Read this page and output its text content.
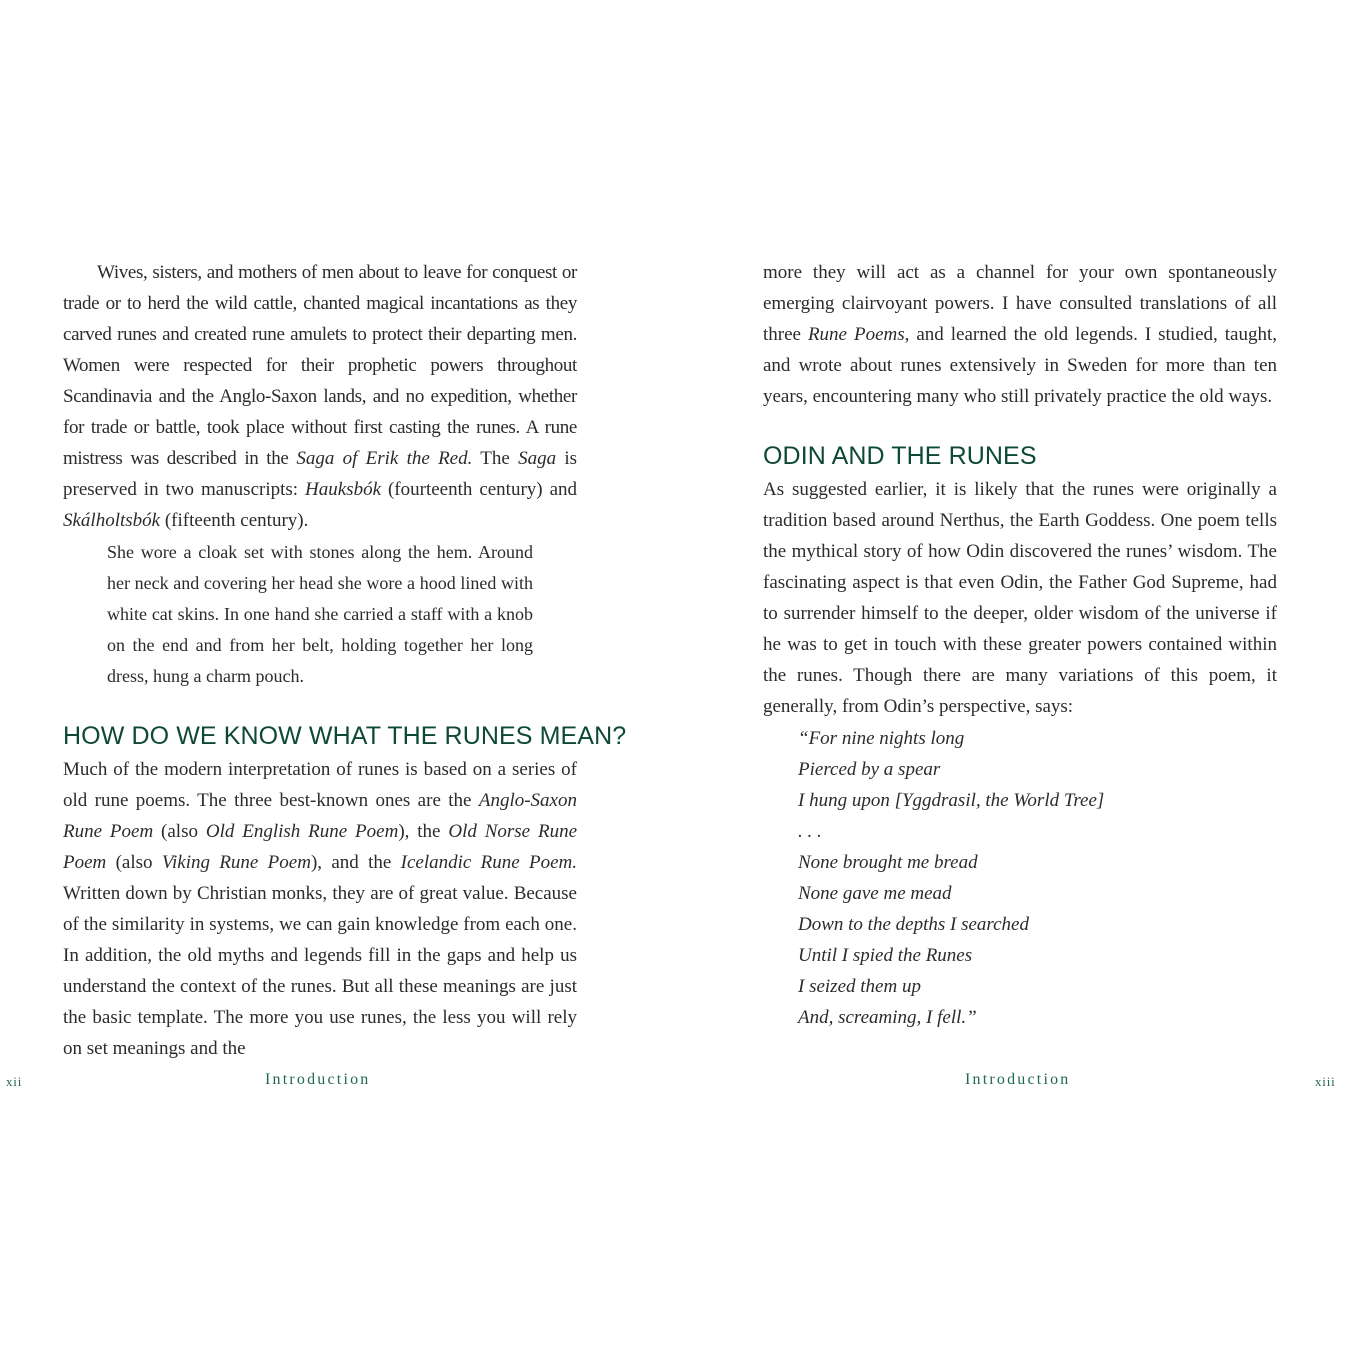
Wives, sisters, and mothers of men about to leave for conquest or trade or to herd the wild cattle, chanted magical incantations as they carved runes and created rune amulets to protect their departing men. Women were respected for their prophetic powers throughout Scandinavia and the Anglo-Saxon lands, and no expedition, whether for trade or battle, took place without first casting the runes. A rune mistress was described in the Saga of Erik the Red. The Saga is preserved in two manuscripts: Hauksbók (fourteenth century) and Skálholtsbók (fifteenth century).

She wore a cloak set with stones along the hem. Around her neck and covering her head she wore a hood lined with white cat skins. In one hand she carried a staff with a knob on the end and from her belt, holding together her long dress, hung a charm pouch.
HOW DO WE KNOW WHAT THE RUNES MEAN?

Much of the modern interpretation of runes is based on a series of old rune poems. The three best-known ones are the Anglo-Saxon Rune Poem (also Old English Rune Poem), the Old Norse Rune Poem (also Viking Rune Poem), and the Icelandic Rune Poem. Written down by Christian monks, they are of great value. Because of the similarity in systems, we can gain knowledge from each one. In addition, the old myths and legends fill in the gaps and help us understand the context of the runes. But all these meanings are just the basic template. The more you use runes, the less you will rely on set meanings and the

xii	Introduction

more they will act as a channel for your own spontaneously emerging clairvoyant powers. I have consulted translations of all three Rune Poems, and learned the old legends. I studied, taught, and wrote about runes extensively in Sweden for more than ten years, encountering many who still privately practice the old ways.

ODIN AND THE RUNES

As suggested earlier, it is likely that the runes were originally a tradition based around Nerthus, the Earth Goddess. One poem tells the mythical story of how Odin discovered the runes’ wisdom. The fascinating aspect is that even Odin, the Father God Supreme, had to surrender himself to the deeper, older wisdom of the universe if he was to get in touch with these greater powers contained within the runes. Though there are many variations of this poem, it generally, from Odin’s perspective, says:

“For nine nights long
Pierced by a spear
I hung upon [Yggdrasil, the World Tree]
. . .
None brought me bread
None gave me mead
Down to the depths I searched
Until I spied the Runes
I seized them up
And, screaming, I fell.”
Introduction	xiii
